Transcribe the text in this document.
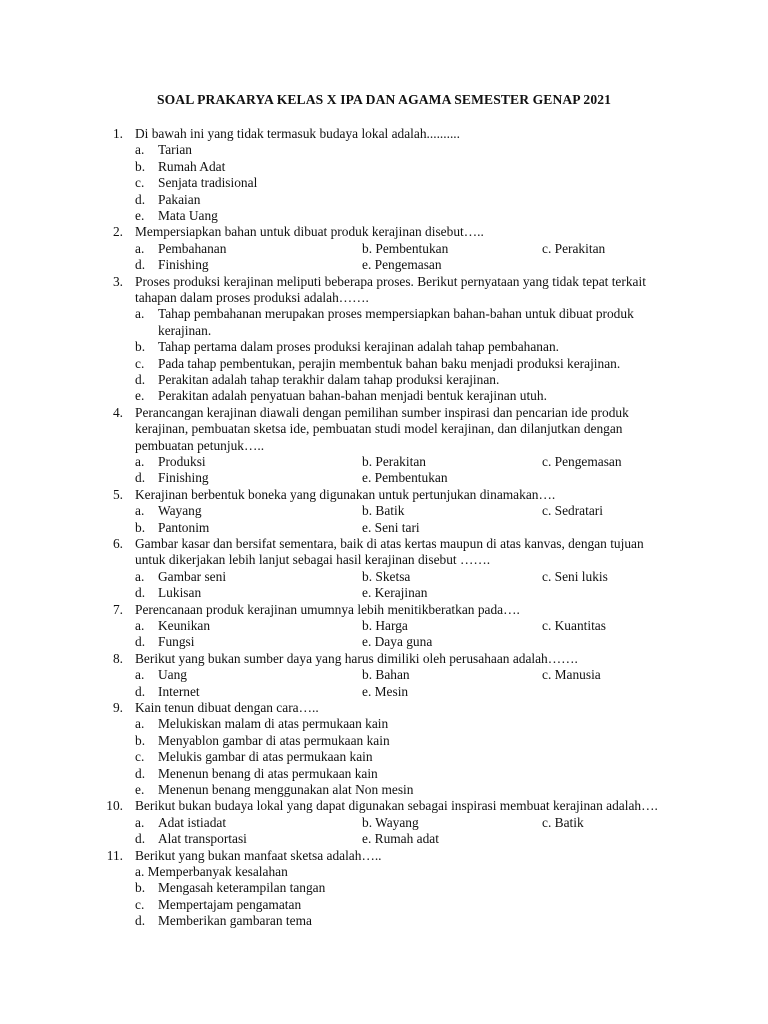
SOAL PRAKARYA KELAS X IPA DAN AGAMA SEMESTER GENAP 2021
1. Di bawah ini yang tidak termasuk budaya lokal adalah..........
a. Tarian
b. Rumah Adat
c. Senjata tradisional
d. Pakaian
e. Mata Uang
2. Mempersiapkan bahan untuk dibuat produk kerajinan disebut…..
a. Pembahanan	b. Pembentukan	c. Perakitan
d. Finishing	e. Pengemasan
3. Proses produksi kerajinan meliputi beberapa proses. Berikut pernyataan yang tidak tepat terkait
tahapan dalam proses produksi adalah…….
a. Tahap pembahanan merupakan proses mempersiapkan bahan-bahan untuk dibuat produk
kerajinan.
b. Tahap pertama dalam proses produksi kerajinan adalah tahap pembahanan.
c. Pada tahap pembentukan, perajin membentuk bahan baku menjadi produksi kerajinan.
d. Perakitan adalah tahap terakhir dalam tahap produksi kerajinan.
e. Perakitan adalah penyatuan bahan-bahan menjadi bentuk kerajinan utuh.
4. Perancangan kerajinan diawali dengan pemilihan sumber inspirasi dan pencarian ide produk
kerajinan, pembuatan sketsa ide, pembuatan studi model kerajinan, dan dilanjutkan dengan
pembuatan petunjuk…..
a. Produksi	b. Perakitan	c. Pengemasan
d. Finishing	e. Pembentukan
5. Kerajinan berbentuk boneka yang digunakan untuk pertunjukan dinamakan….
a. Wayang	b. Batik	c. Sedratari
b. Pantonim	e. Seni tari
6. Gambar kasar dan bersifat sementara, baik di atas kertas maupun di atas kanvas, dengan tujuan
untuk dikerjakan lebih lanjut sebagai hasil kerajinan disebut …….
a. Gambar seni	b. Sketsa	c. Seni lukis
d. Lukisan	e. Kerajinan
7. Perencanaan produk kerajinan umumnya lebih menitikberatkan pada….
a. Keunikan	b. Harga	c. Kuantitas
d. Fungsi	e. Daya guna
8. Berikut yang bukan sumber daya yang harus dimiliki oleh perusahaan adalah…….
a. Uang	b. Bahan	c. Manusia
d. Internet	e. Mesin
9. Kain tenun dibuat dengan cara…..
a. Melukiskan malam di atas permukaan kain
b. Menyablon gambar di atas permukaan kain
c. Melukis gambar di atas permukaan kain
d. Menenun benang di atas permukaan kain
e. Menenun benang menggunakan alat Non mesin
10. Berikut bukan budaya lokal yang dapat digunakan sebagai inspirasi membuat kerajinan adalah….
a. Adat istiadat	b. Wayang	c. Batik
d. Alat transportasi	e. Rumah adat
11. Berikut yang bukan manfaat sketsa adalah…..
a. Memperbanyak kesalahan
b. Mengasah keterampilan tangan
c. Mempertajam pengamatan
d. Memberikan gambaran tema
